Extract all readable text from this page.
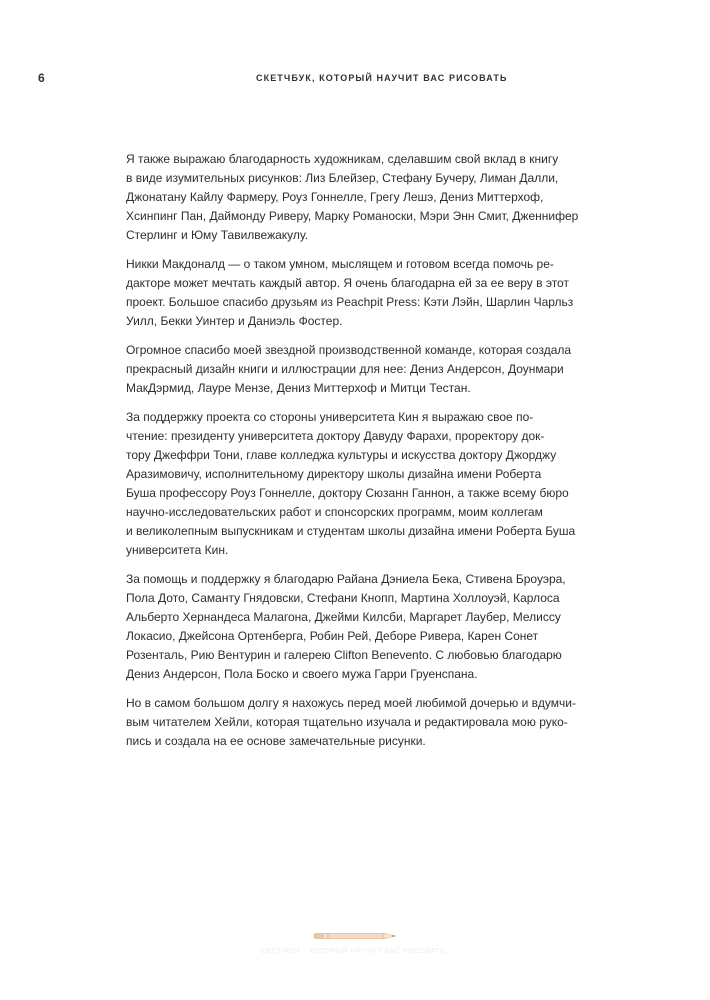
6	СКЕТЧБУК, КОТОРЫЙ НАУЧИТ ВАС РИСОВАТЬ

Я также выражаю благодарность художникам, сделавшим свой вклад в книгу
в виде изумительных рисунков: Лиз Блейзер, Стефану Бучеру, Лиман Далли,
Джонатану Кайлу Фармеру, Роуз Гоннелле, Грегу Лешэ, Дениз Миттерхоф,
Хсинпинг Пан, Даймонду Риверу, Марку Романоски, Мэри Энн Смит, Дженнифер
Стерлинг и Юму Тавилвежакулу.

Никки Макдоналд — о таком умном, мыслящем и готовом всегда помочь ре-
дакторе может мечтать каждый автор. Я очень благодарна ей за ее веру в этот
проект. Большое спасибо друзьям из Peachpit Press: Кэти Лэйн, Шарлин Чарльз
Уилл, Бекки Уинтер и Даниэль Фостер.

Огромное спасибо моей звездной производственной команде, которая создала
прекрасный дизайн книги и иллюстрации для нее: Дениз Андерсон, Доунмари
МакДэрмид, Лауре Мензе, Дениз Миттерхоф и Митци Тестан.

За поддержку проекта со стороны университета Кин я выражаю свое по-
чтение: президенту университета доктору Давуду Фарахи, проректору док-
тору Джеффри Тони, главе колледжа культуры и искусства доктору Джорджу
Аразимовичу, исполнительному директору школы дизайна имени Роберта
Буша профессору Роуз Гоннелле, доктору Сюзанн Ганнон, а также всему бюро
научно-исследовательских работ и спонсорских программ, моим коллегам
и великолепным выпускникам и студентам школы дизайна имени Роберта Буша
университета Кин.

За помощь и поддержку я благодарю Райана Дэниела Бека, Стивена Броуэра,
Пола Дото, Саманту Гнядовски, Стефани Кнопп, Мартина Холлоуэй, Карлоса
Альберто Хернандеса Малагона, Джейми Килсби, Маргарет Лаубер, Мелиссу
Локасио, Джейсона Ортенберга, Робин Рей, Деборе Ривера, Карен Сонет
Розенталь, Рию Вентурин и галерею Clifton Benevento. С любовью благодарю
Дениз Андерсон, Пола Боско и своего мужа Гарри Груенспана.

Но в самом большом долгу я нахожусь перед моей любимой дочерью и вдумчи-
вым читателем Хейли, которая тщательно изучала и редактировала мою руко-
пись и создала на ее основе замечательные рисунки.

СКЕТЧБУК · КОТОРЫЙ НАУЧИТ ВАС РИСОВАТЬ
